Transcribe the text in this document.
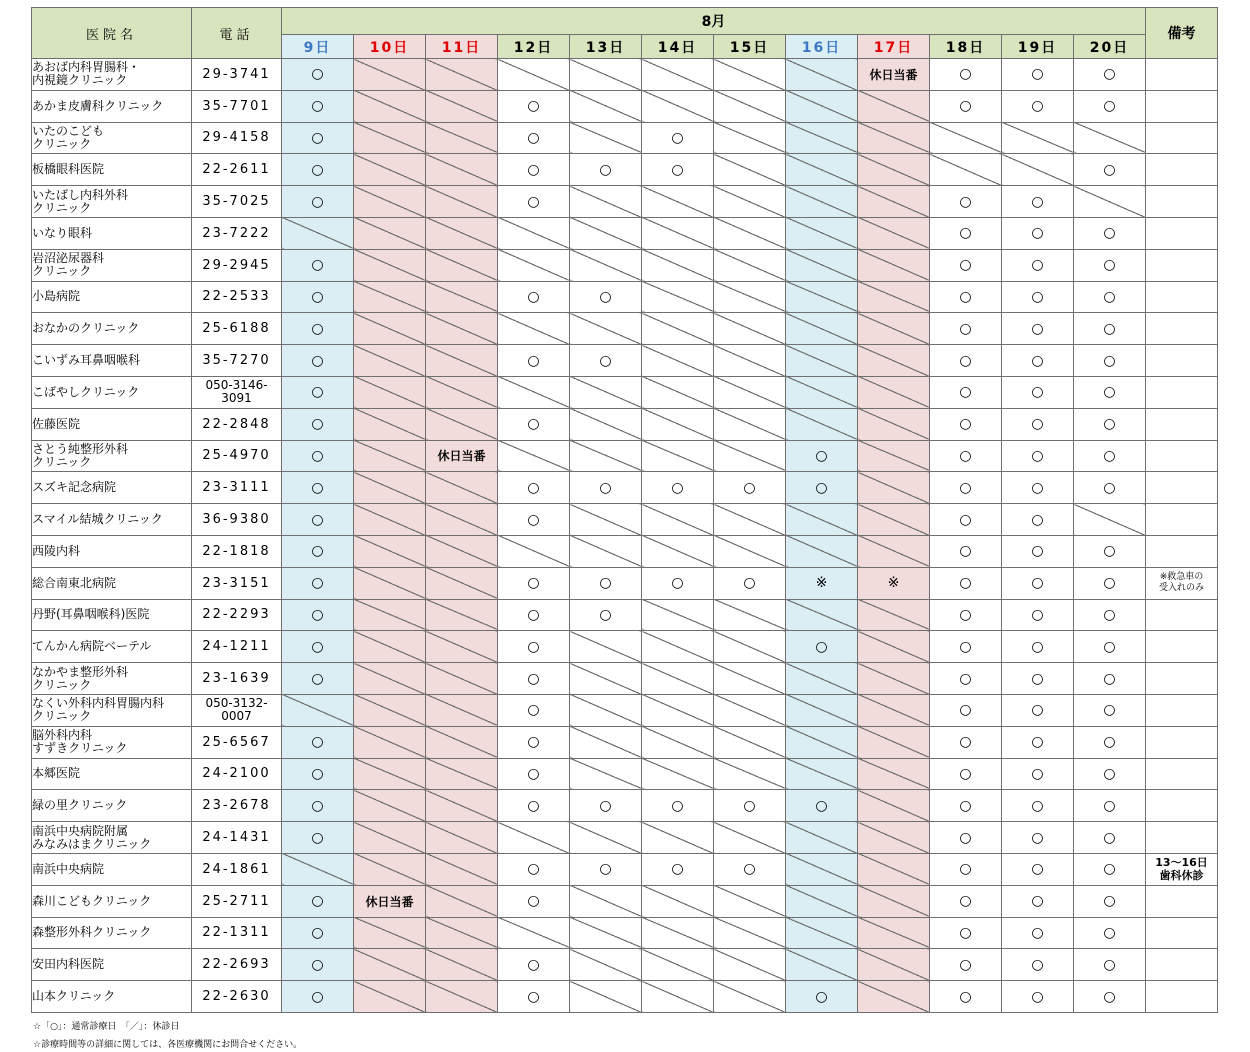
医院名	電話	8月												備考
		9日	10日	11日	12日	13日	14日	15日	16日	17日	18日	19日	20日	
あおば内科胃腸科・
内視鏡クリニック	29-3741	○								休日当番	○	○	○	
あかま皮膚科クリニック	35-7701	○			○						○	○	○	
いたのこども
クリニック	29-4158	○			○		○							
板橋眼科医院	22-2611	○			○	○	○						○	
いたばし内科外科
クリニック	35-7025	○			○						○	○		
いなり眼科	23-7222										○	○	○	
岩沼泌尿器科
クリニック	29-2945	○									○	○	○	
小島病院	22-2533	○			○	○					○	○	○	
おなかのクリニック	25-6188	○									○	○	○	
こいずみ耳鼻咽喉科	35-7270	○			○	○					○	○	○	
こばやしクリニック	050-3146-
3091	○									○	○	○	
佐藤医院	22-2848	○			○						○	○	○	
さとう純整形外科
クリニック	25-4970	○		休日当番					○		○	○	○	
スズキ記念病院	23-3111	○			○	○	○	○	○		○	○	○	
スマイル結城クリニック	36-9380	○			○						○	○		
西陵内科	22-1818	○									○	○	○	
総合南東北病院	23-3151	○			○	○	○	○	※	※	○	○	○	※救急車の
受入れのみ
丹野(耳鼻咽喉科)医院	22-2293	○			○	○					○	○	○	
てんかん病院ベーテル	24-1211	○			○				○		○	○	○	
なかやま整形外科
クリニック	23-1639	○			○						○	○	○	
なくい外科内科胃腸内科
クリニック	050-3132-
0007				○						○	○	○	
脳外科内科
すずきクリニック	25-6567	○			○						○	○	○	
本郷医院	24-2100	○			○						○	○	○	
緑の里クリニック	23-2678	○			○	○	○	○	○		○	○	○	
南浜中央病院附属
みなみはまクリニック	24-1431	○									○	○	○	
南浜中央病院	24-1861				○	○	○	○			○	○	○	13～16日
歯科休診
森川こどもクリニック	25-2711	○	休日当番		○						○	○	○	
森整形外科クリニック	22-1311	○									○	○	○	
安田内科医院	22-2693	○			○						○	○	○	
山本クリニック	22-2630	○			○				○		○	○	○	
☆「○」：通常診療日　「／」：休診日
☆診療時間等の詳細に関しては、各医療機関にお問合せください。
